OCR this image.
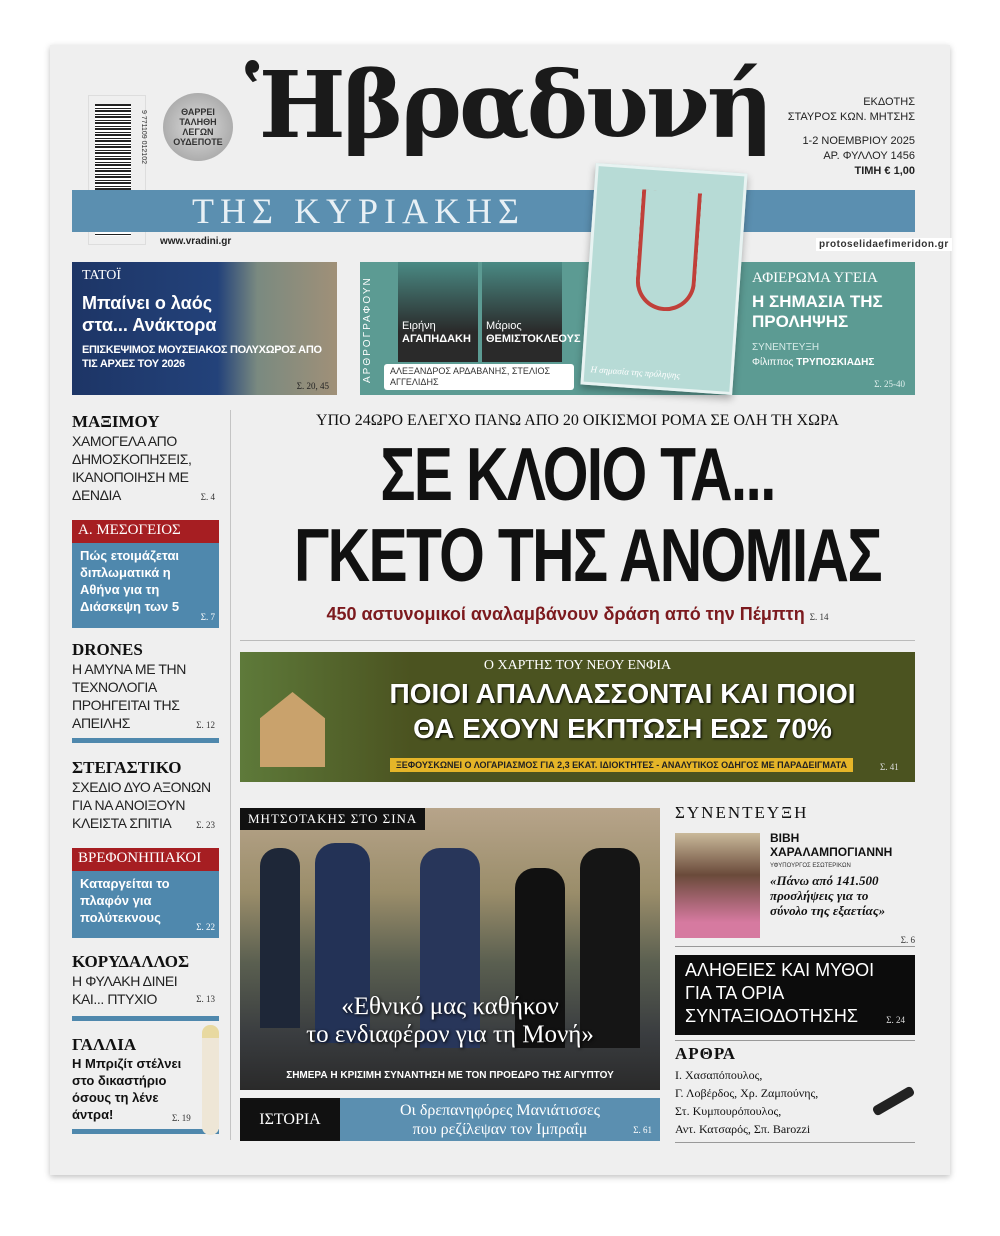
9 771109 012102	ΘΑΡΡΕΙ ΤΑΛΗΘΗ ΛΕΓΩΝ ΟΥΔΕΠΟΤΕ Ἡβραδυνή	ΕΚΔΟΤΗΣ
ΣΤΑΥΡΟΣ ΚΩΝ. ΜΗΤΣΗΣ
1-2 ΝΟΕΜΒΡΙΟΥ 2025
ΑΡ. ΦΥΛΛΟΥ 1456
ΤΙΜΗ € 1,00
ΤΗΣ ΚΥΡΙΑΚΗΣ
www.vradini.gr	protoselidaefimeridon.gr
ΤΑΤΟΪ
Μπαίνει ο λαός στα... Ανάκτορα
ΕΠΙΣΚΕΨΙΜΟΣ ΜΟΥΣΕΙΑΚΟΣ ΠΟΛΥΧΩΡΟΣ ΑΠΟ ΤΙΣ ΑΡΧΕΣ ΤΟΥ 2026
Σ. 20, 45
ΑΡΘΡΟΓΡΑΦΟΥΝ	Ειρήνη
ΑΓΑΠΗΔΑΚΗ
Μάριος
ΘΕΜΙΣΤΟΚΛΕΟΥΣ
ΑΛΕΞΑΝΔΡΟΣ ΑΡΔΑΒΑΝΗΣ, ΣΤΕΛΙΟΣ ΑΓΓΕΛΙΔΗΣ
ΑΦΙΕΡΩΜΑ ΥΓΕΙΑ
Η ΣΗΜΑΣΙΑ ΤΗΣ ΠΡΟΛΗΨΗΣ
ΣΥΝΕΝΤΕΥΞΗ
Φίλιππος ΤΡΥΠΟΣΚΙΑΔΗΣ
Σ. 25-40
Η σημασία της πρόληψης
ΜΑΞΙΜΟΥ
ΧΑΜΟΓΕΛΑ ΑΠΟ ΔΗΜΟΣΚΟΠΗΣΕΙΣ, ΙΚΑΝΟΠΟΙΗΣΗ ΜΕ ΔΕΝΔΙΑ	Σ. 4
Α. ΜΕΣΟΓΕΙΟΣ
Πώς ετοιμάζεται διπλωματικά η Αθήνα για τη Διάσκεψη των 5
Σ. 7
DRONES
Η ΑΜΥΝΑ ΜΕ ΤΗΝ ΤΕΧΝΟΛΟΓΙΑ ΠΡΟΗΓΕΙΤΑΙ ΤΗΣ ΑΠΕΙΛΗΣ	Σ. 12
ΣΤΕΓΑΣΤΙΚΟ
ΣΧΕΔΙΟ ΔΥΟ ΑΞΟΝΩΝ ΓΙΑ ΝΑ ΑΝΟΙΞΟΥΝ ΚΛΕΙΣΤΑ ΣΠΙΤΙΑ	Σ. 23
ΒΡΕΦΟΝΗΠΙΑΚΟΙ
Καταργείται το πλαφόν για πολύτεκνους
Σ. 22
ΚΟΡΥΔΑΛΛΟΣ
Η ΦΥΛΑΚΗ ΔΙΝΕΙ ΚΑΙ... ΠΤΥΧΙΟ	Σ. 13
ΓΑΛΛΙΑ
Η Μπριζίτ στέλνει στο δικαστήριο όσους τη λένε άντρα!	Σ. 19
ΥΠΟ 24ΩΡΟ ΕΛΕΓΧΟ ΠΑΝΩ ΑΠΟ 20 ΟΙΚΙΣΜΟΙ ΡΟΜΑ ΣΕ ΟΛΗ ΤΗ ΧΩΡΑ
ΣΕ ΚΛΟΙΟ ΤΑ...
ΓΚΕΤΟ ΤΗΣ ΑΝΟΜΙΑΣ
450 αστυνομικοί αναλαμβάνουν δράση από την Πέμπτη Σ. 14
Ο ΧΑΡΤΗΣ ΤΟΥ ΝΕΟΥ ΕΝΦΙΑ
ΠΟΙΟΙ ΑΠΑΛΛΑΣΣΟΝΤΑΙ ΚΑΙ ΠΟΙΟΙ
ΘΑ ΕΧΟΥΝ ΕΚΠΤΩΣΗ ΕΩΣ 70%
ΞΕΦΟΥΣΚΩΝΕΙ Ο ΛΟΓΑΡΙΑΣΜΟΣ ΓΙΑ 2,3 ΕΚΑΤ. ΙΔΙΟΚΤΗΤΕΣ - ΑΝΑΛΥΤΙΚΟΣ ΟΔΗΓΟΣ ΜΕ ΠΑΡΑΔΕΙΓΜΑΤΑ	Σ. 41
ΜΗΤΣΟΤΑΚΗΣ ΣΤΟ ΣΙΝΑ
«Εθνικό μας καθήκον
το ενδιαφέρον για τη Μονή»
ΣΗΜΕΡΑ Η ΚΡΙΣΙΜΗ ΣΥΝΑΝΤΗΣΗ ΜΕ ΤΟΝ ΠΡΟΕΔΡΟ ΤΗΣ ΑΙΓΥΠΤΟΥ
ΙΣΤΟΡΙΑ
Οι δρεπανηφόρες Μανιάτισσες
που ρεζίλεψαν τον Ιμπραΐμ	Σ. 61
ΣΥΝΕΝΤΕΥΞΗ
ΒΙΒΗ
ΧΑΡΑΛΑΜΠΟΓΙΑΝΝΗ
ΥΦΥΠΟΥΡΓΟΣ ΕΣΩΤΕΡΙΚΩΝ
«Πάνω από 141.500 προσλήψεις για το σύνολο της εξαετίας»
Σ. 6
ΑΛΗΘΕΙΕΣ ΚΑΙ ΜΥΘΟΙ ΓΙΑ ΤΑ ΟΡΙΑ ΣΥΝΤΑΞΙΟΔΟΤΗΣΗΣ	Σ. 24
ΑΡΘΡΑ
Ι. Χασαπόπουλος,
Γ. Λοβέρδος, Χρ. Ζαμπούνης,
Στ. Κυμπουρόπουλος,
Αντ. Κατσαρός, Σπ. Barozzi
